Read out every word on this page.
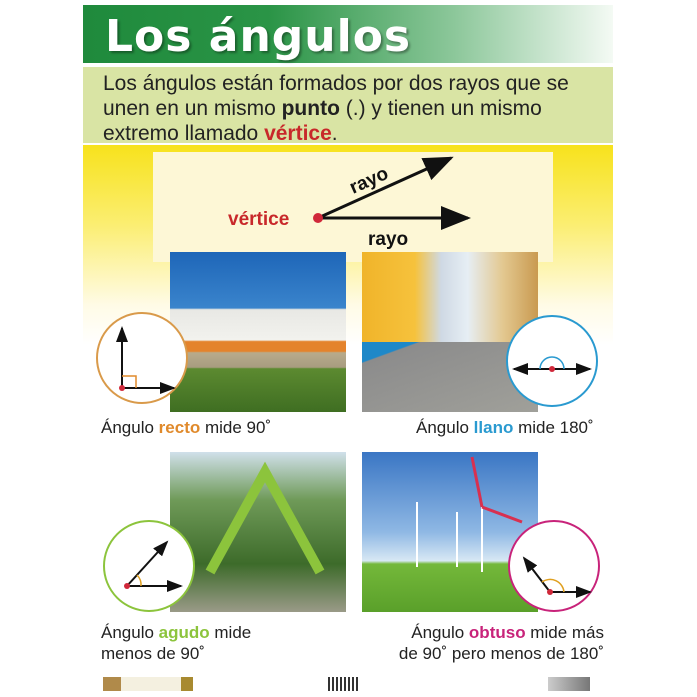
Los ángulos
Los ángulos están formados por dos rayos que se unen en un mismo punto (.) y tienen un mismo extremo llamado vértice.
vértice
rayo
rayo
Ángulo recto mide 90˚	Ángulo llano mide 180˚
Ángulo agudo mide
menos de 90˚
Ángulo obtuso mide más
de 90˚ pero menos de 180˚
